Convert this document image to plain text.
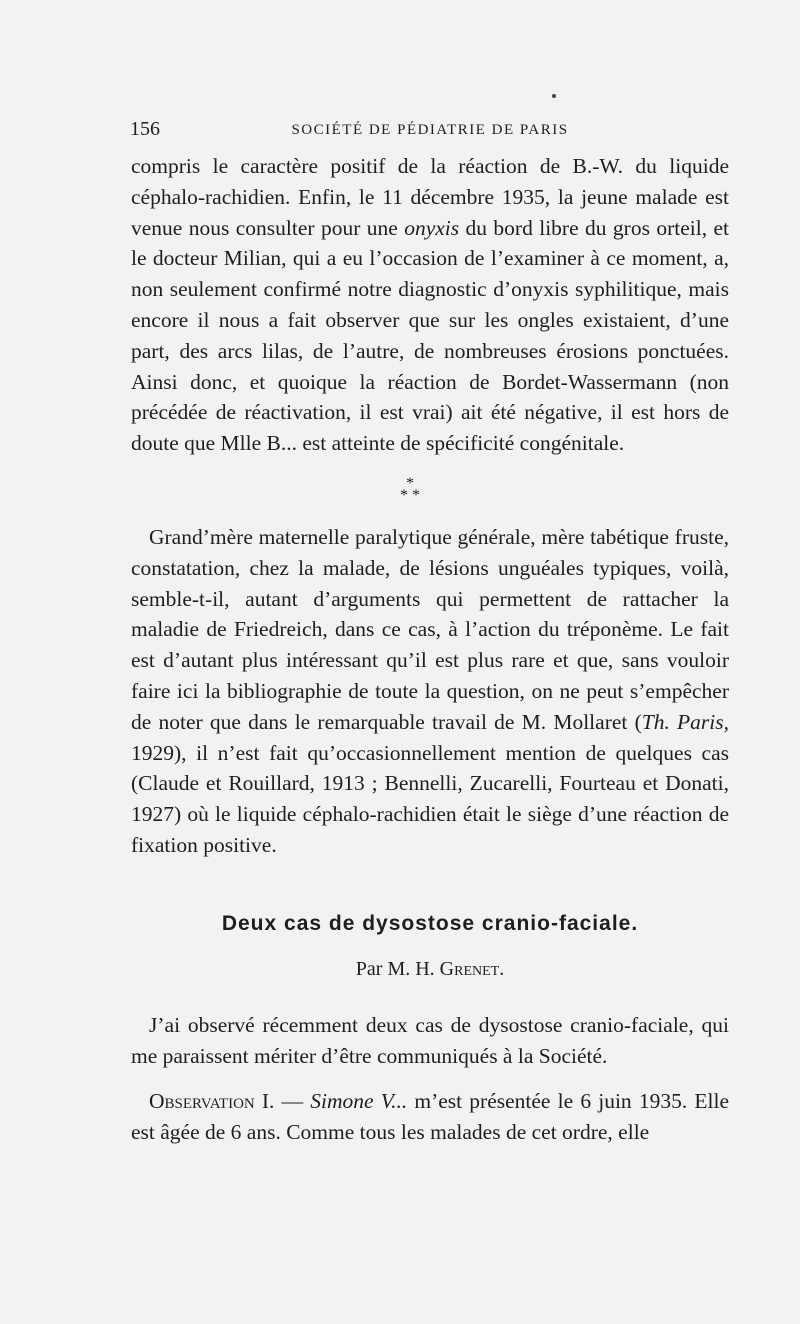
156	SOCIÉTÉ DE PÉDIATRIE DE PARIS
compris le caractère positif de la réaction de B.-W. du liquide céphalo-rachidien. Enfin, le 11 décembre 1935, la jeune malade est venue nous consulter pour une onyxis du bord libre du gros orteil, et le docteur Milian, qui a eu l’occasion de l’examiner à ce moment, a, non seulement confirmé notre diagnostic d’onyxis syphilitique, mais encore il nous a fait observer que sur les ongles existaient, d’une part, des arcs lilas, de l’autre, de nombreuses érosions ponctuées. Ainsi donc, et quoique la réaction de Bordet-Wassermann (non précédée de réactivation, il est vrai) ait été négative, il est hors de doute que Mlle B... est atteinte de spécificité congénitale.
*
* *
Grand’mère maternelle paralytique générale, mère tabétique fruste, constatation, chez la malade, de lésions unguéales typiques, voilà, semble-t-il, autant d’arguments qui permettent de rattacher la maladie de Friedreich, dans ce cas, à l’action du tréponème. Le fait est d’autant plus intéressant qu’il est plus rare et que, sans vouloir faire ici la bibliographie de toute la question, on ne peut s’empêcher de noter que dans le remarquable travail de M. Mollaret (Th. Paris, 1929), il n’est fait qu’occasionnellement mention de quelques cas (Claude et Rouillard, 1913 ; Bennelli, Zucarelli, Fourteau et Donati, 1927) où le liquide céphalo-rachidien était le siège d’une réaction de fixation positive.
Deux cas de dysostose cranio-faciale.
Par M. H. Grenet.
J’ai observé récemment deux cas de dysostose cranio-faciale, qui me paraissent mériter d’être communiqués à la Société.
Observation I. — Simone V... m’est présentée le 6 juin 1935. Elle est âgée de 6 ans. Comme tous les malades de cet ordre, elle
